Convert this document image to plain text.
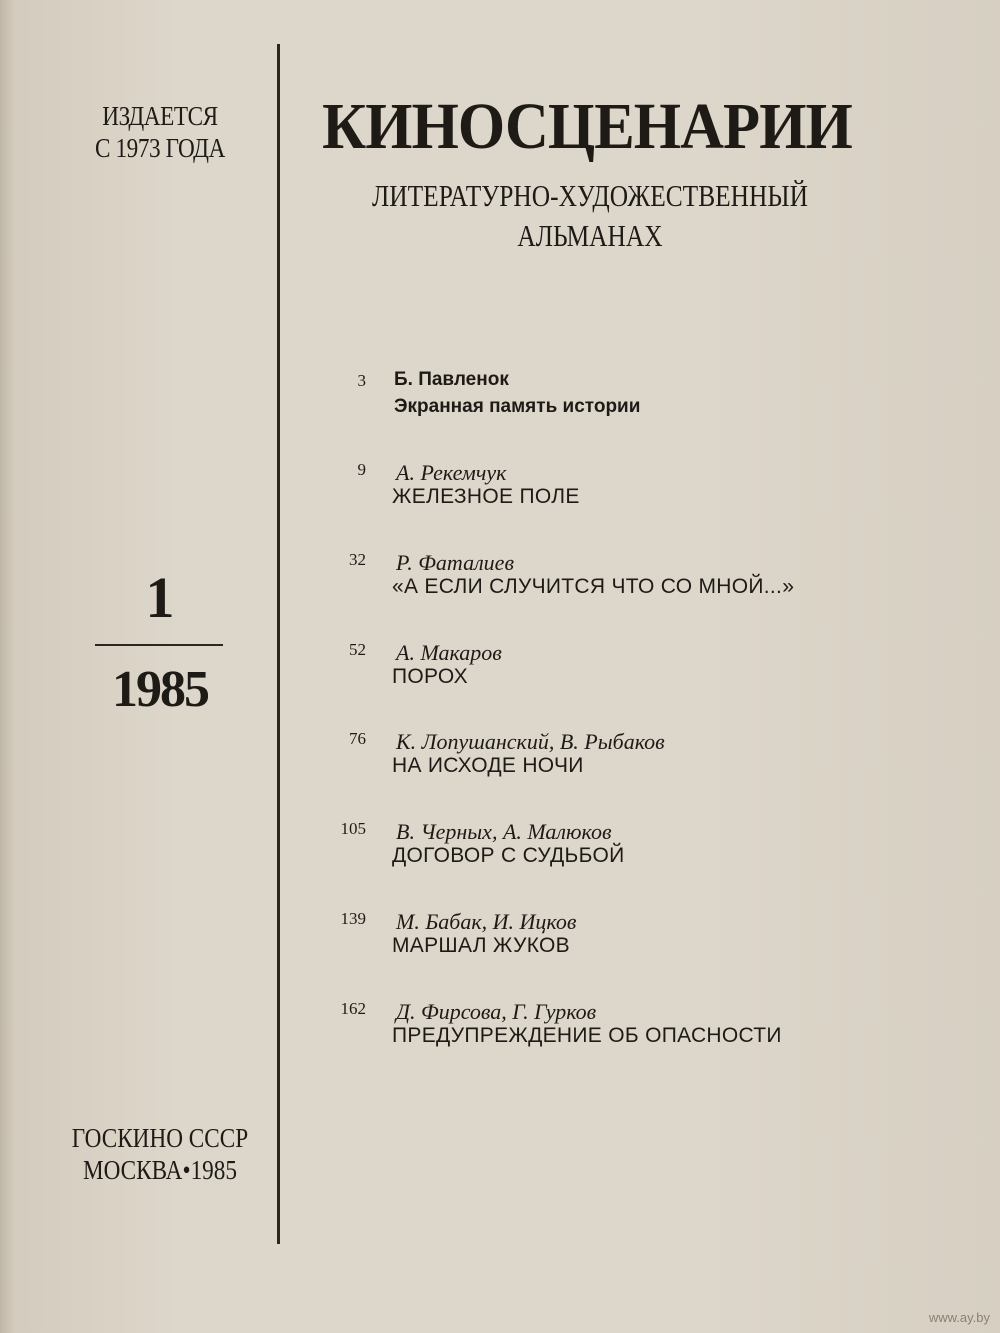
ИЗДАЕТСЯ
С 1973 ГОДА
1
1985
ГОСКИНО СССР
МОСКВА•1985
КИНОСЦЕНАРИИ
ЛИТЕРАТУРНО-ХУДОЖЕСТВЕННЫЙ
АЛЬМАНАХ
3 Б. Павленок
Экранная память истории
9 А. Рекемчук
ЖЕЛЕЗНОЕ ПОЛЕ
32 Р. Фаталиев
«А ЕСЛИ СЛУЧИТСЯ ЧТО СО МНОЙ...»
52 А. Макаров
ПОРОХ
76 К. Лопушанский, В. Рыбаков
НА ИСХОДЕ НОЧИ
105 В. Черных, А. Малюков
ДОГОВОР С СУДЬБОЙ
139 М. Бабак, И. Ицков
МАРШАЛ ЖУКОВ
162 Д. Фирсова, Г. Гурков
ПРЕДУПРЕЖДЕНИЕ ОБ ОПАСНОСТИ
www.ay.by
